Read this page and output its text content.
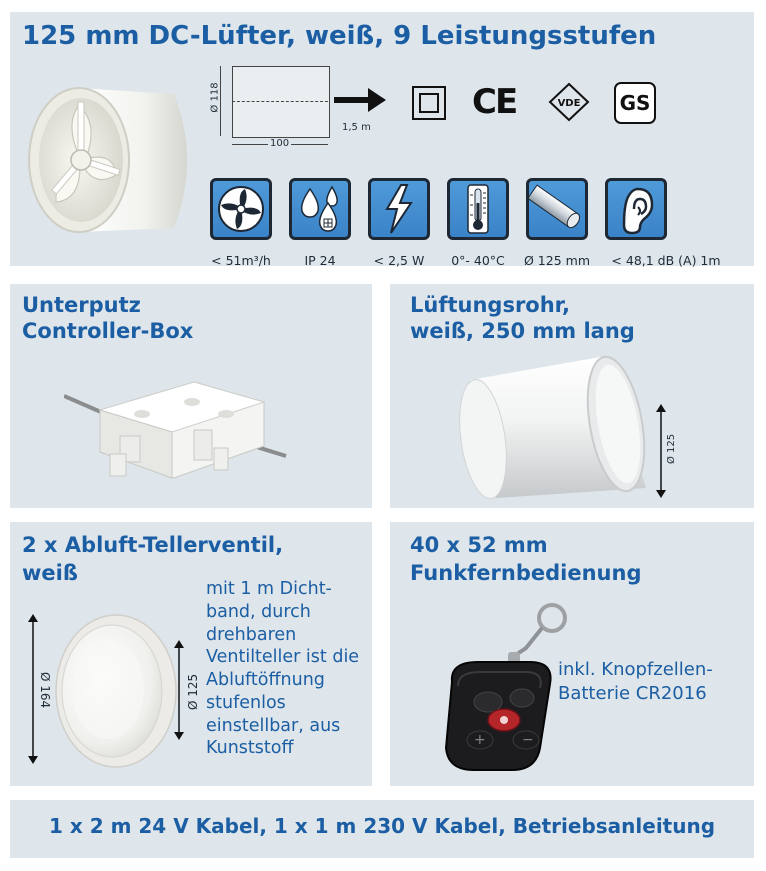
125 mm DC-Lüfter, weiß, 9 Leistungsstufen
Ø 118
100
1,5 m
CE	VDE GS
< 51m³/h	IP 24	< 2,5 W	0°- 40°C	Ø 125 mm	< 48,1 dB (A) 1m
Unterputz
Controller-Box
Lüftungsrohr,
weiß, 250 mm lang
Ø 125
2 x Abluft-Tellerventil,
weiß
Ø 164	Ø 125
mit 1 m Dicht-
band, durch
drehbaren
Ventilteller ist die
Abluftöffnung
stufenlos
einstellbar, aus
Kunststoff
40 x 52 mm
Funkfernbedienung
+	−
inkl. Knopfzellen-
Batterie CR2016
1 x 2 m 24 V Kabel, 1 x 1 m 230 V Kabel, Betriebsanleitung
